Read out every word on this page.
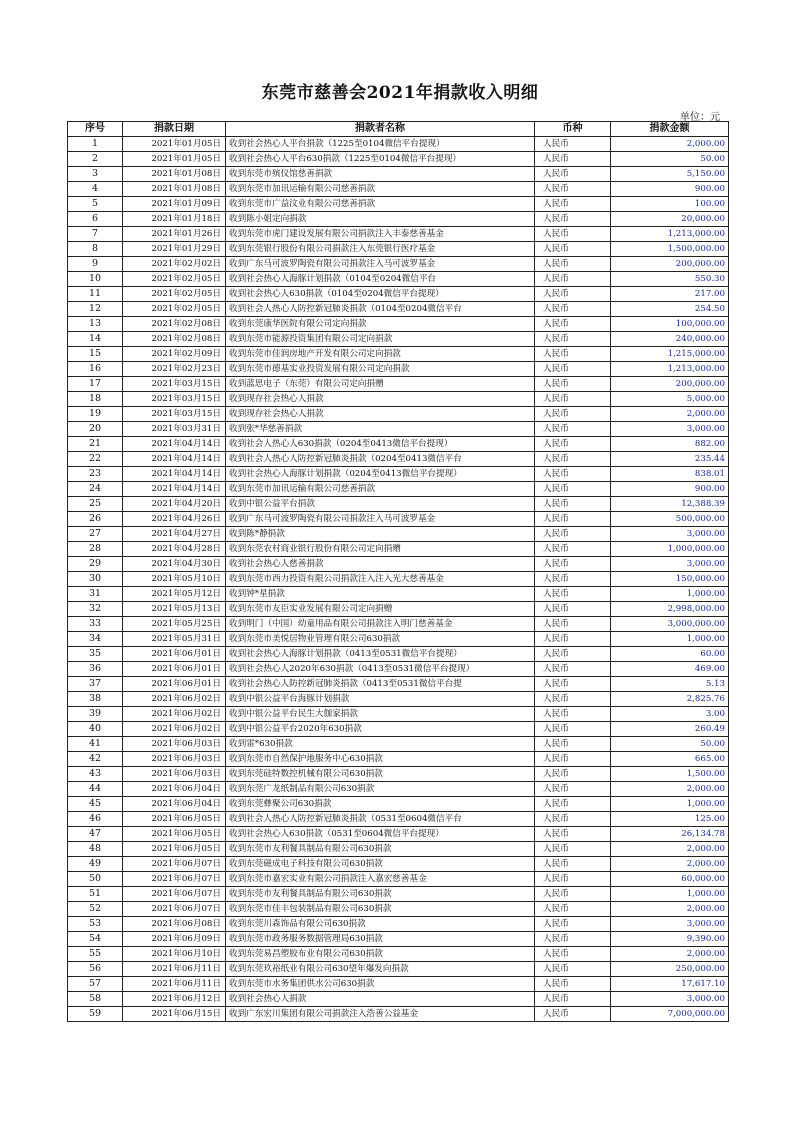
东莞市慈善会2021年捐款收入明细
单位：元
序号	捐款日期	捐款者名称	币种	捐款金额
1	2021年01月05日	收到社会热心人平台捐款（1225至0104微信平台提现）	人民币	2,000.00
2	2021年01月05日	收到社会热心人平台630捐款（1225至0104微信平台提现）	人民币	50.00
3	2021年01月08日	收到东莞市殡仪馆慈善捐款	人民币	5,150.00
4	2021年01月08日	收到东莞市加讯运输有限公司慈善捐款	人民币	900.00
5	2021年01月09日	收到东莞市广益汶业有限公司慈善捐款	人民币	100.00
6	2021年01月18日	收到陈小姐定向捐款	人民币	20,000.00
7	2021年01月26日	收到东莞市虎门建设发展有限公司捐款注入丰泰慈善基金	人民币	1,213,000.00
8	2021年01月29日	收到东莞银行股份有限公司捐款注入东莞银行医疗基金	人民币	1,500,000.00
9	2021年02月02日	收到广东马可波罗陶瓷有限公司捐款注入马可波罗基金	人民币	200,000.00
10	2021年02月05日	收到社会热心人海豚计划捐款（0104至0204微信平台	人民币	550.30
11	2021年02月05日	收到社会热心人630捐款（0104至0204微信平台提现）	人民币	217.00
12	2021年02月05日	收到社会人热心人防控新冠肺炎捐款（0104至0204微信平台	人民币	254.50
13	2021年02月08日	收到东莞康华医院有限公司定向捐款	人民币	100,000.00
14	2021年02月08日	收到东莞市能源投资集团有限公司定向捐款	人民币	240,000.00
15	2021年02月09日	收到东莞市佳润房地产开发有限公司定向捐款	人民币	1,215,000.00
16	2021年02月23日	收到东莞市德基实业投资发展有限公司定向捐款	人民币	1,213,000.00
17	2021年03月15日	收到蓝思电子（东莞）有限公司定向捐赠	人民币	200,000.00
18	2021年03月15日	收到现存社会热心人捐款	人民币	5,000.00
19	2021年03月15日	收到现存社会热心人捐款	人民币	2,000.00
20	2021年03月31日	收到张*华慈善捐款	人民币	3,000.00
21	2021年04月14日	收到社会人热心人630捐款（0204至0413微信平台提现）	人民币	882.00
22	2021年04月14日	收到社会人热心人防控新冠肺炎捐款（0204至0413微信平台	人民币	235.44
23	2021年04月14日	收到社会热心人海豚计划捐款（0204至0413微信平台提现）	人民币	838.01
24	2021年04月14日	收到东莞市加讯运输有限公司慈善捐款	人民币	900.00
25	2021年04月20日	收到中银公益平台捐款	人民币	12,388.39
26	2021年04月26日	收到广东马可波罗陶瓷有限公司捐款注入马可波罗基金	人民币	500,000.00
27	2021年04月27日	收到陈*静捐款	人民币	3,000.00
28	2021年04月28日	收到东莞农村商业银行股份有限公司定向捐赠	人民币	1,000,000.00
29	2021年04月30日	收到社会热心人慈善捐款	人民币	3,000.00
30	2021年05月10日	收到东莞市西力投资有限公司捐款注入注入光大慈善基金	人民币	150,000.00
31	2021年05月12日	收到钟*星捐款	人民币	1,000.00
32	2021年05月13日	收到东莞市友臣实业发展有限公司定向捐赠	人民币	2,998,000.00
33	2021年05月25日	收到明门（中国）幼童用品有限公司捐款注入明门慈善基金	人民币	3,000,000.00
34	2021年05月31日	收到东莞市美悦居物业管理有限公司630捐款	人民币	1,000.00
35	2021年06月01日	收到社会热心人海豚计划捐款（0413至0531微信平台提现）	人民币	60.00
36	2021年06月01日	收到社会热心人2020年630捐款（0413至0531微信平台提现）	人民币	469.00
37	2021年06月01日	收到社会热心人防控新冠肺炎捐款（0413至0531微信平台提	人民币	5.13
38	2021年06月02日	收到中银公益平台海豚计划捐款	人民币	2,825.76
39	2021年06月02日	收到中银公益平台民生大伽家捐款	人民币	3.00
40	2021年06月02日	收到中银公益平台2020年630捐款	人民币	260.49
41	2021年06月03日	收到雷*630捐款	人民币	50.00
42	2021年06月03日	收到东莞市自然保护地服务中心630捐款	人民币	665.00
43	2021年06月03日	收到东莞硅特数控机械有限公司630捐款	人民币	1,500.00
44	2021年06月04日	收到东莞广龙纸制品有限公司630捐款	人民币	2,000.00
45	2021年06月04日	收到东莞彝聚公司630捐款	人民币	1,000.00
46	2021年06月05日	收到社会人热心人防控新冠肺炎捐款（0531至0604微信平台	人民币	125.00
47	2021年06月05日	收到社会热心人630捐款（0531至0604微信平台提现）	人民币	26,134.78
48	2021年06月05日	收到东莞市友利餐具制品有限公司630捐款	人民币	2,000.00
49	2021年06月07日	收到东莞磁成电子科技有限公司630捐款	人民币	2,000.00
50	2021年06月07日	收到东莞市嘉宏实业有限公司捐款注入嘉宏慈善基金	人民币	60,000.00
51	2021年06月07日	收到东莞市友利餐具制品有限公司630捐款	人民币	1,000.00
52	2021年06月07日	收到东莞市佳丰包装制品有限公司630捐款	人民币	2,000.00
53	2021年06月08日	收到东莞川森饰品有限公司630捐款	人民币	3,000.00
54	2021年06月09日	收到东莞市政务服务数据管理局630捐款	人民币	9,390.00
55	2021年06月10日	收到东莞易昌塑胶布业有限公司630捐款	人民币	2,000.00
56	2021年06月11日	收到东莞玖裕纸业有限公司630望年爆发向捐款	人民币	250,000.00
57	2021年06月11日	收到东莞市水务集团供水公司630捐款	人民币	17,617.10
58	2021年06月12日	收到社会热心人捐款	人民币	3,000.00
59	2021年06月15日	收到广东宏川集团有限公司捐款注入浩善公益基金	人民币	7,000,000.00
